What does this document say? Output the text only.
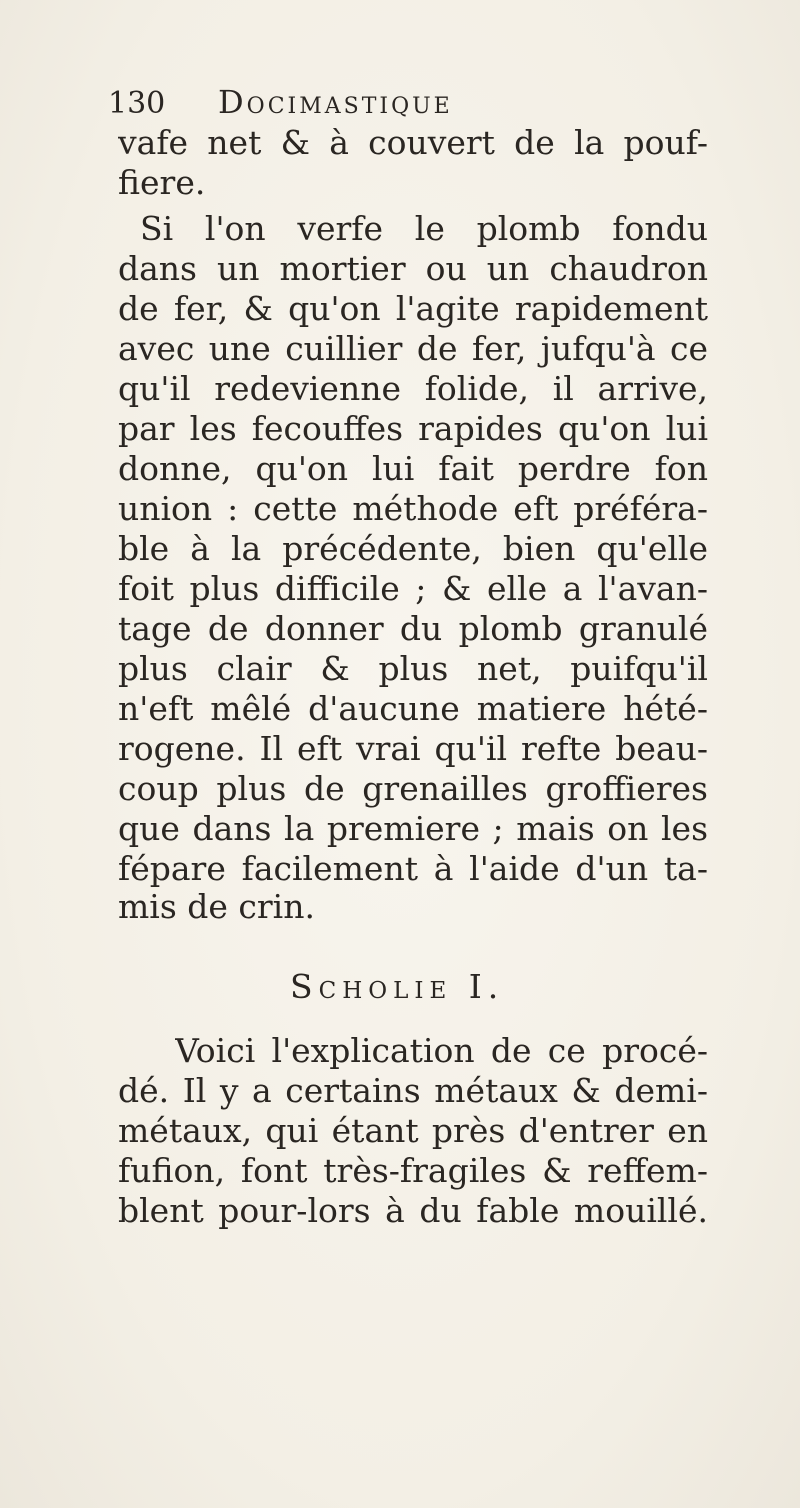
130 Docimastique
vafe net & à couvert de la pouf-
fiere.
Si l'on verfe le plomb fondu
dans un mortier ou un chaudron
de fer, & qu'on l'agite rapidement
avec une cuillier de fer, jufqu'à ce
qu'il redevienne folide, il arrive,
par les fecouffes rapides qu'on lui
donne, qu'on lui fait perdre fon
union : cette méthode eft préféra-
ble à la précédente, bien qu'elle
foit plus difficile ; & elle a l'avan-
tage de donner du plomb granulé
plus clair & plus net, puifqu'il
n'eft mêlé d'aucune matiere hété-
rogene. Il eft vrai qu'il refte beau-
coup plus de grenailles groffieres
que dans la premiere ; mais on les
fépare facilement à l'aide d'un ta-
mis de crin.
Scholie I.
Voici l'explication de ce procé-
dé. Il y a certains métaux & demi-
métaux, qui étant près d'entrer en
fufion, font très-fragiles & reffem-
blent pour-lors à du fable mouillé.
